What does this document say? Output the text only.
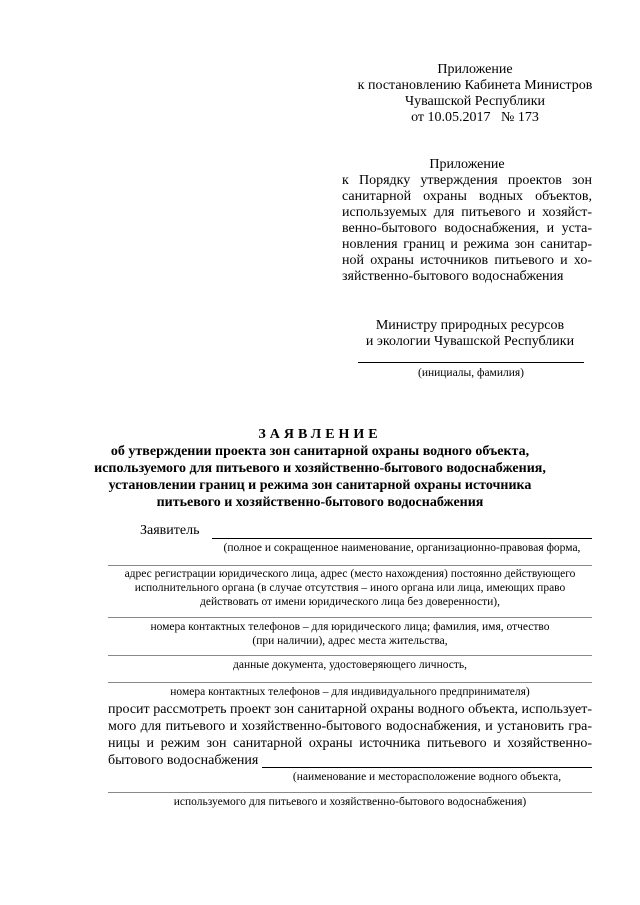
Приложение
к постановлению Кабинета Министров
Чувашской Республики
от 10.05.2017   № 173
Приложение
к Порядку утверждения проектов зон
санитарной охраны водных объектов,
используемых для питьевого и хозяйст-
венно-бытового водоснабжения, и уста-
новления границ и режима зон санитар-
ной охраны источников питьевого и хо-
зяйственно-бытового водоснабжения
Министру природных ресурсов
и экологии Чувашской Республики
(инициалы, фамилия)
ЗАЯВЛЕНИЕ
об утверждении проекта зон санитарной охраны водного объекта,
используемого для питьевого и хозяйственно-бытового водоснабжения,
установлении границ и режима зон санитарной охраны источника
питьевого и хозяйственно-бытового водоснабжения
Заявитель
(полное и сокращенное наименование, организационно-правовая форма,
адрес регистрации юридического лица, адрес (место нахождения) постоянно действующего
исполнительного органа (в случае отсутствия – иного органа или лица, имеющих право
действовать от имени юридического лица без доверенности),
номера контактных телефонов – для юридического лица; фамилия, имя, отчество
(при наличии), адрес места жительства,
данные документа, удостоверяющего личность,
номера контактных телефонов – для индивидуального предпринимателя)
просит рассмотреть проект зон санитарной охраны водного объекта, использует-
мого для питьевого и хозяйственно-бытового водоснабжения, и установить гра-
ницы и режим зон санитарной охраны источника питьевого и хозяйственно-
бытового водоснабжения
(наименование и месторасположение водного объекта,
используемого для питьевого и хозяйственно-бытового водоснабжения)
